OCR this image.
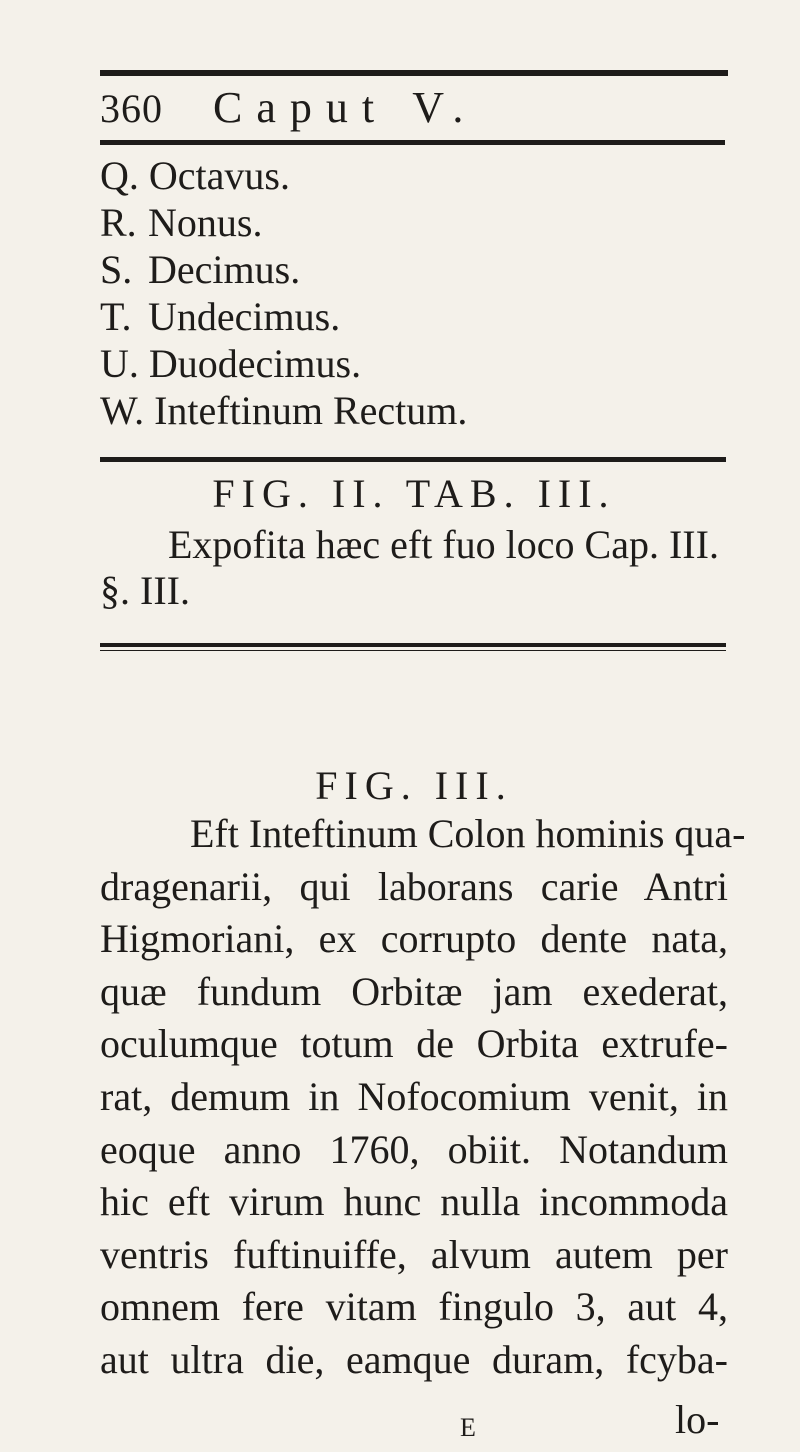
360 Caput V.
Q. Octavus.
R. Nonus.
S. Decimus.
T. Undecimus.
U. Duodecimus.
W. Inteftinum Rectum.
FIG. II. TAB. III.

Expofita hæc eft fuo loco Cap. III. §. III.

FIG. III.
Eft Inteftinum Colon hominis qua-
dragenarii, qui laborans carie Antri
Higmoriani, ex corrupto dente nata,
quæ fundum Orbitæ jam exederat,
oculumque totum de Orbita extrufe-
rat, demum in Nofocomium venit, in
eoque anno 1760, obiit. Notandum
hic eft virum hunc nulla incommoda
ventris fuftinuiffe, alvum autem per
omnem fere vitam fingulo 3, aut 4,
aut ultra die, eamque duram, fcyba-
E	lo-
